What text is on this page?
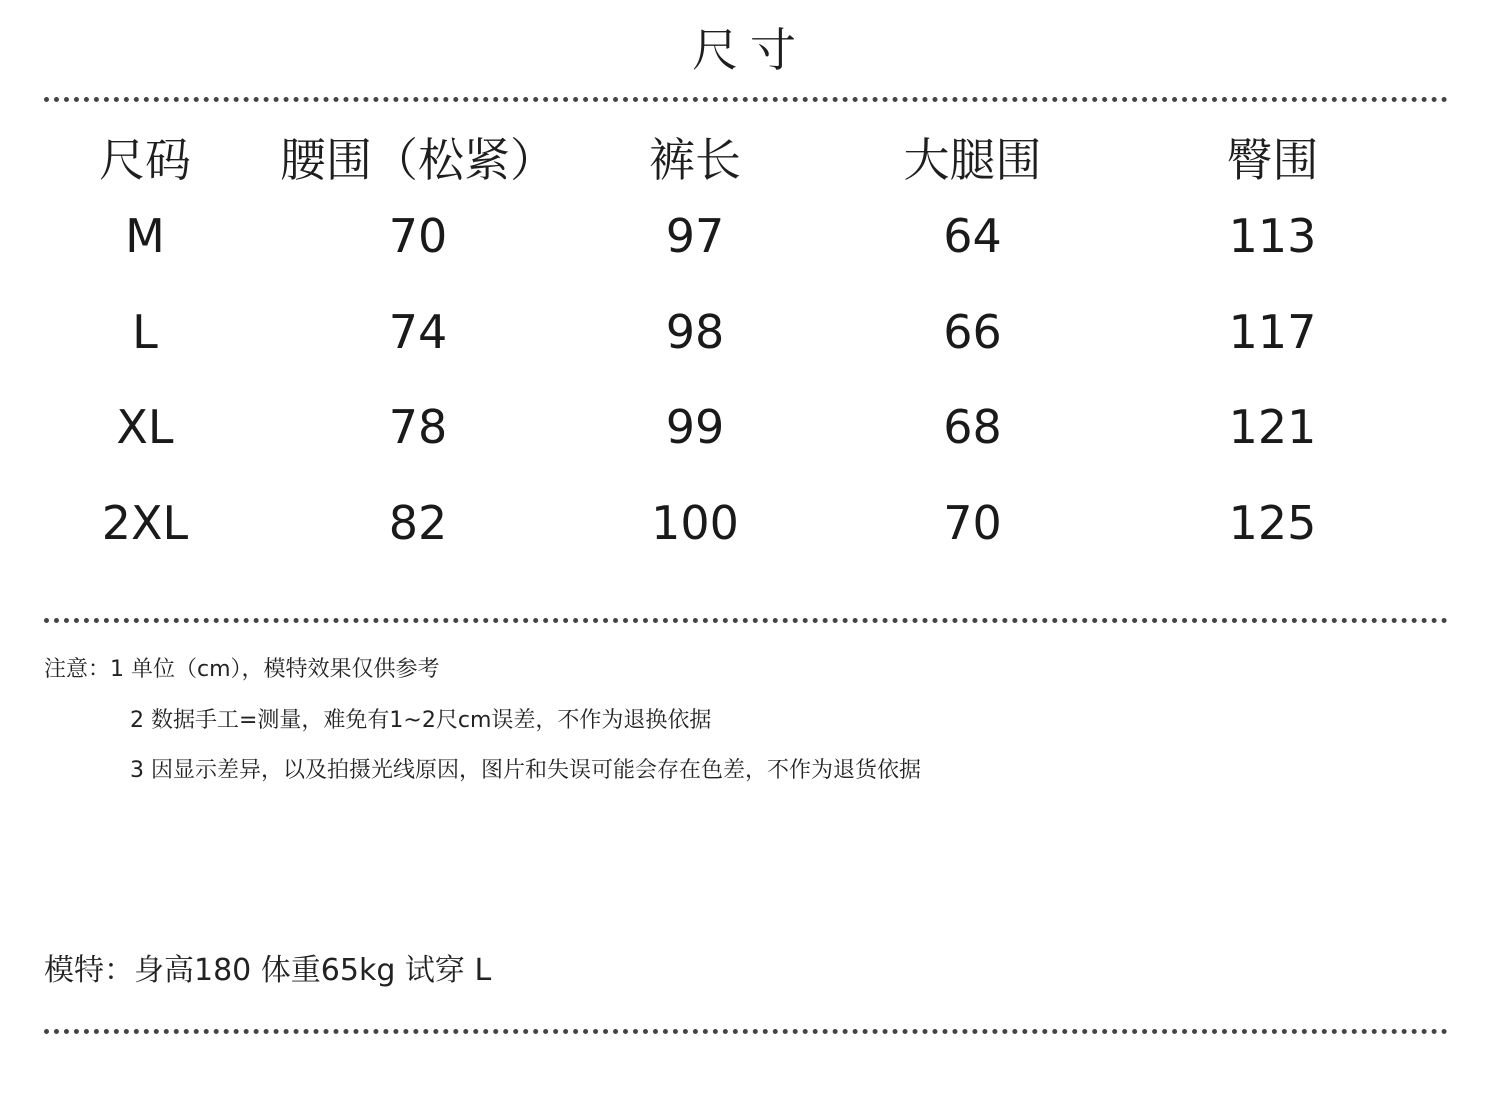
尺寸
尺码	腰围（松紧）	裤长	大腿围	臀围
M	70	97	64	113
L	74	98	66	117
XL	78	99	68	121
2XL	82	100	70	125
注意：1 单位（cm），模特效果仅供参考
2 数据手工=测量，难免有1~2尺cm误差，不作为退换依据
3 因显示差异，以及拍摄光线原因，图片和失误可能会存在色差，不作为退货依据
模特：身高180 体重65kg 试穿 L
